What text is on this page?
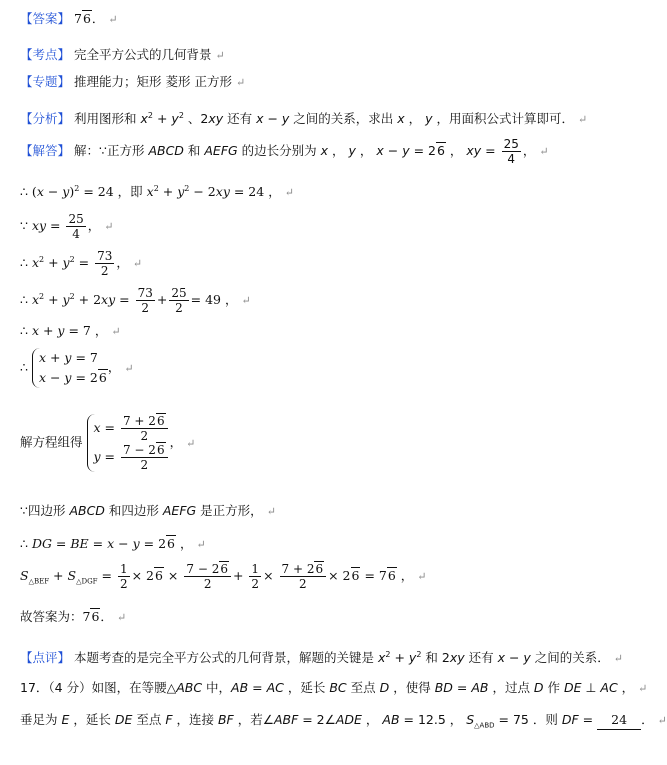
【答案】 76． ↵
【考点】 完全平方公式的几何背景 ↵
【专题】 推理能力；矩形 菱形 正方形 ↵
【分析】 利用图形和 $x^2 + y^2$ 、2xy 还有 x − y 之间的关系，求出 x ， y ，用面积公式计算即可． ↵
【解答】 解：∵正方形 ABCD 和 AEFG 的边长分别为 x ， y ， x − y = 26 ， xy = $\frac{25}{4}$ ， ↵
∴ $(x - y)^2 = 24$ ，即 $x^2 + y^2 - 2xy = 24$ ， ↵
∵ xy = $\frac{25}{4}$ ， ↵
∴ $x^2 + y^2 = \frac{73}{2}$ ， ↵
∴ $x^2 + y^2 + 2xy = \frac{73}{2} + \frac{25}{2} = 49$ ， ↵
∴ x + y = 7 ， ↵
∴
x + y = 7
x − y = 26
， ↵
解方程组得
$x = \frac{7 + 26}{2}$
$y = \frac{7 - 26}{2}$
， ↵
∵四边形 ABCD 和四边形 AEFG 是正方形， ↵
∴ DG = BE = x − y = 26 ， ↵
$S_{\triangle BEF} + S_{\triangle DGF} = \frac{1}{2} \times 26 \times \frac{7 - 26}{2} + \frac{1}{2} \times \frac{7 + 26}{2} \times 26 = 76$ ， ↵
故答案为：76． ↵
【点评】 本题考查的是完全平方公式的几何背景，解题的关键是 $x^2 + y^2$ 和 2xy 还有 x − y 之间的关系． ↵
17．（4 分）如图，在等腰△ABC 中，AB = AC ，延长 BC 至点 D ，使得 BD = AB ，过点 D 作 DE ⊥ AC ， ↵
垂足为 E ，延长 DE 至点 F ，连接 BF ，若∠ABF = 2∠ADE ， AB = 12.5 ， $S_{\triangle ABD} = 75$ ．则 DF = 24 ． ↵
